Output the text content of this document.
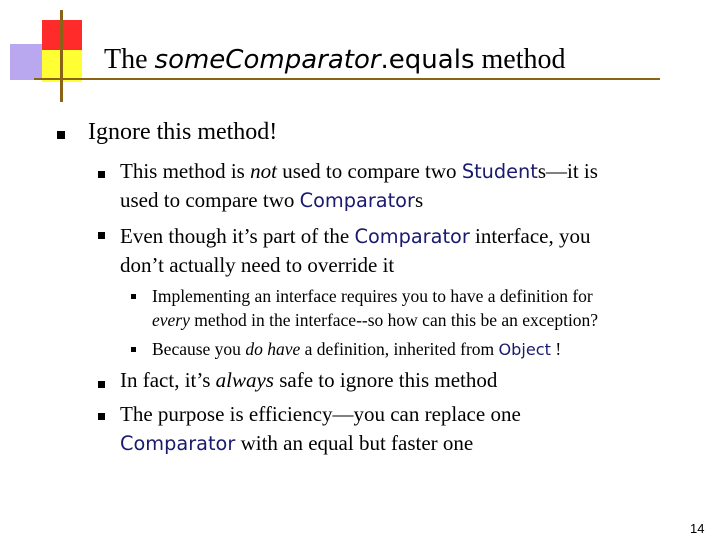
The someComparator.equals method
Ignore this method!
This method is not used to compare two Students—it is
used to compare two Comparators
Even though it’s part of the Comparator interface, you
don’t actually need to override it
Implementing an interface requires you to have a definition for
every method in the interface--so how can this be an exception?
Because you do have a definition, inherited from Object !
In fact, it’s always safe to ignore this method
The purpose is efficiency—you can replace one
Comparator with an equal but faster one
14
